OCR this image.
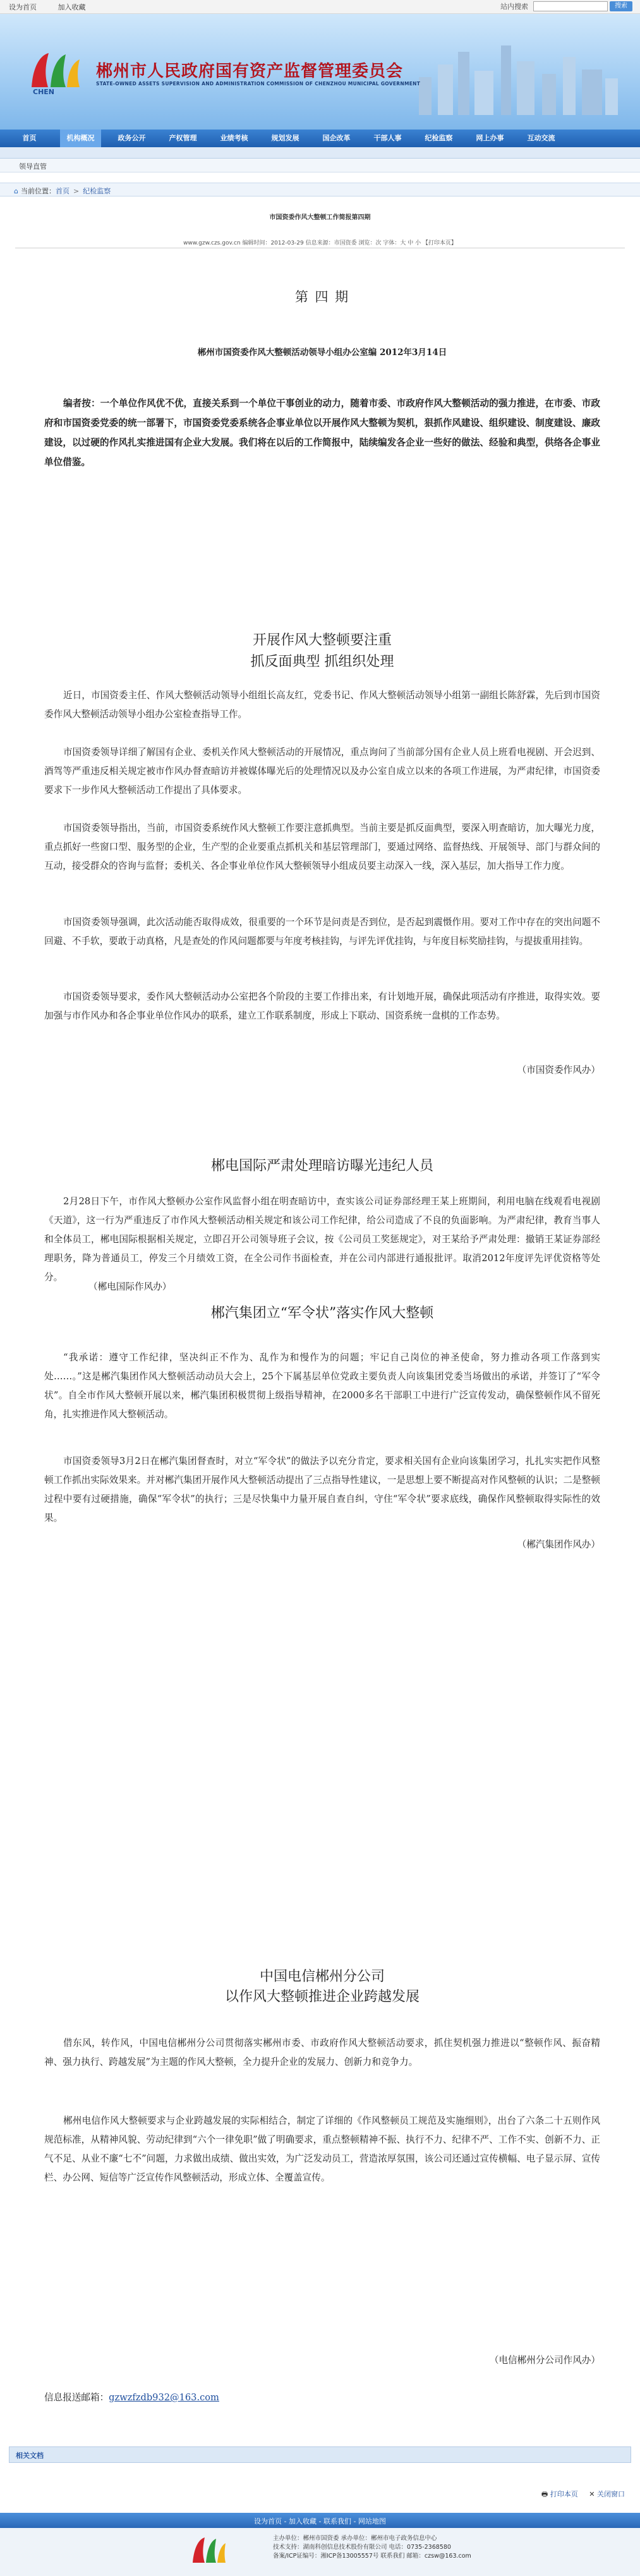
设为首页	加入收藏	站内搜索	搜索
CHEN
郴州市人民政府国有资产监督管理委员会
STATE-OWNED ASSETS SUPERVISION AND ADMINISTRATION COMMISSION OF CHENZHOU MUNICIPAL GOVERNMENT
首页	机构概况	政务公开	产权管理	业绩考核	规划发展	国企改革	干部人事	纪检监察	网上办事	互动交流
领导直管
⌂ 当前位置： 首页 > 纪检监察
市国资委作风大整顿工作简报第四期
www.gzw.czs.gov.cn 编辑时间：2012-03-29 信息来源：市国资委 浏览：次 字体：大 中 小 【打印本页】
第 四 期
郴州市国资委作风大整顿活动领导小组办公室编 2012年3月14日
编者按：一个单位作风优不优，直接关系到一个单位干事创业的动力，随着市委、市政府作风大整顿活动的强力推进，在市委、市政府和市国资委党委的统一部署下，市国资委党委系统各企事业单位以开展作风大整顿为契机，狠抓作风建设、组织建设、制度建设、廉政建设，以过硬的作风扎实推进国有企业大发展。我们将在以后的工作简报中，陆续编发各企业一些好的做法、经验和典型，供络各企事业单位借鉴。
开展作风大整顿要注重
抓反面典型 抓组织处理
近日，市国资委主任、作风大整顿活动领导小组组长高友红，党委书记、作风大整顿活动领导小组第一副组长陈舒霖，先后到市国资委作风大整顿活动领导小组办公室检查指导工作。
市国资委领导详细了解国有企业、委机关作风大整顿活动的开展情况，重点询问了当前部分国有企业人员上班看电视剧、开会迟到、酒驾等严重违反相关规定被市作风办督查暗访并被媒体曝光后的处理情况以及办公室自成立以来的各项工作进展，为严肃纪律，市国资委要求下一步作风大整顿活动工作提出了具体要求。
市国资委领导指出，当前，市国资委系统作风大整顿工作要注意抓典型。当前主要是抓反面典型，要深入明查暗访，加大曝光力度，重点抓好一些窗口型、服务型的企业，生产型的企业要重点抓机关和基层管理部门，要通过网络、监督热线、开展领导、部门与群众间的互动，接受群众的咨询与监督；委机关、各企事业单位作风大整顿领导小组成员要主动深入一线，深入基层，加大指导工作力度。
市国资委领导强调，此次活动能否取得成效，很重要的一个环节是问责是否到位，是否起到震慑作用。要对工作中存在的突出问题不回避、不手软，要敢于动真格，凡是查处的作风问题都要与年度考核挂钩，与评先评优挂钩，与年度目标奖励挂钩，与提拔重用挂钩。
市国资委领导要求，委作风大整顿活动办公室把各个阶段的主要工作排出来，有计划地开展，确保此项活动有序推进，取得实效。要加强与市作风办和各企事业单位作风办的联系，建立工作联系制度，形成上下联动、国资系统一盘棋的工作态势。
（市国资委作风办）
郴电国际严肃处理暗访曝光违纪人员
2月28日下午，市作风大整顿办公室作风监督小组在明查暗访中，查实该公司证券部经理王某上班期间，利用电脑在线观看电视剧《天道》，这一行为严重违反了市作风大整顿活动相关规定和该公司工作纪律，给公司造成了不良的负面影响。为严肃纪律，教育当事人和全体员工，郴电国际根据相关规定，立即召开公司领导班子会议，按《公司员工奖惩规定》，对王某给予严肃处理：撤销王某证券部经理职务，降为普通员工，停发三个月绩效工资，在全公司作书面检查，并在公司内部进行通报批评。取消2012年度评先评优资格等处分。
（郴电国际作风办）
郴汽集团立“军令状”落实作风大整顿
“我承诺：遵守工作纪律，坚决纠正不作为、乱作为和慢作为的问题；牢记自己岗位的神圣使命，努力推动各项工作落到实处……。”这是郴汽集团作风大整顿活动动员大会上，25个下属基层单位党政主要负责人向该集团党委当场做出的承诺，并签订了“军令状”。自全市作风大整顿开展以来，郴汽集团积极贯彻上级指导精神，在2000多名干部职工中进行广泛宣传发动，确保整顿作风不留死角，扎实推进作风大整顿活动。
市国资委领导3月2日在郴汽集团督查时，对立“军令状”的做法予以充分肯定，要求相关国有企业向该集团学习，扎扎实实把作风整顿工作抓出实际效果来。并对郴汽集团开展作风大整顿活动提出了三点指导性建议，一是思想上要不断提高对作风整顿的认识；二是整顿过程中要有过硬措施，确保“军令状”的执行；三是尽快集中力量开展自查自纠，守住“军令状”要求底线，确保作风整顿取得实际性的效果。
（郴汽集团作风办）
中国电信郴州分公司
以作风大整顿推进企业跨越发展
借东风，转作风，中国电信郴州分公司贯彻落实郴州市委、市政府作风大整顿活动要求，抓住契机强力推进以“整顿作风、振奋精神、强力执行、跨越发展”为主题的作风大整顿，全力提升企业的发展力、创新力和竞争力。
郴州电信作风大整顿要求与企业跨越发展的实际相结合，制定了详细的《作风整顿员工规范及实施细则》，出台了六条二十五则作风规范标准，从精神风貌、劳动纪律到“六个一律免职”做了明确要求，重点整顿精神不振、执行不力、纪律不严、工作不实、创新不力、正气不足、从业不廉“七不”问题，力求做出成绩、做出实效，为广泛发动员工，营造浓厚氛围，该公司还通过宣传横幅、电子显示屏、宣传栏、办公网、短信等广泛宣传作风整顿活动，形成立体、全覆盖宣传。
（电信郴州分公司作风办）
信息报送邮箱：gzwzfzdb932@163.com
相关文档
🖶 打印本页 ✕ 关闭窗口
设为首页 - 加入收藏 - 联系我们 - 网站地图
主办单位：郴州市国资委 承办单位：郴州市电子政务信息中心
技术支持：湖南科创信息技术股份有限公司 电话：0735-2368580
备案/ICP证编号：湘ICP备13005557号 联系我们 邮箱：czsw@163.com
